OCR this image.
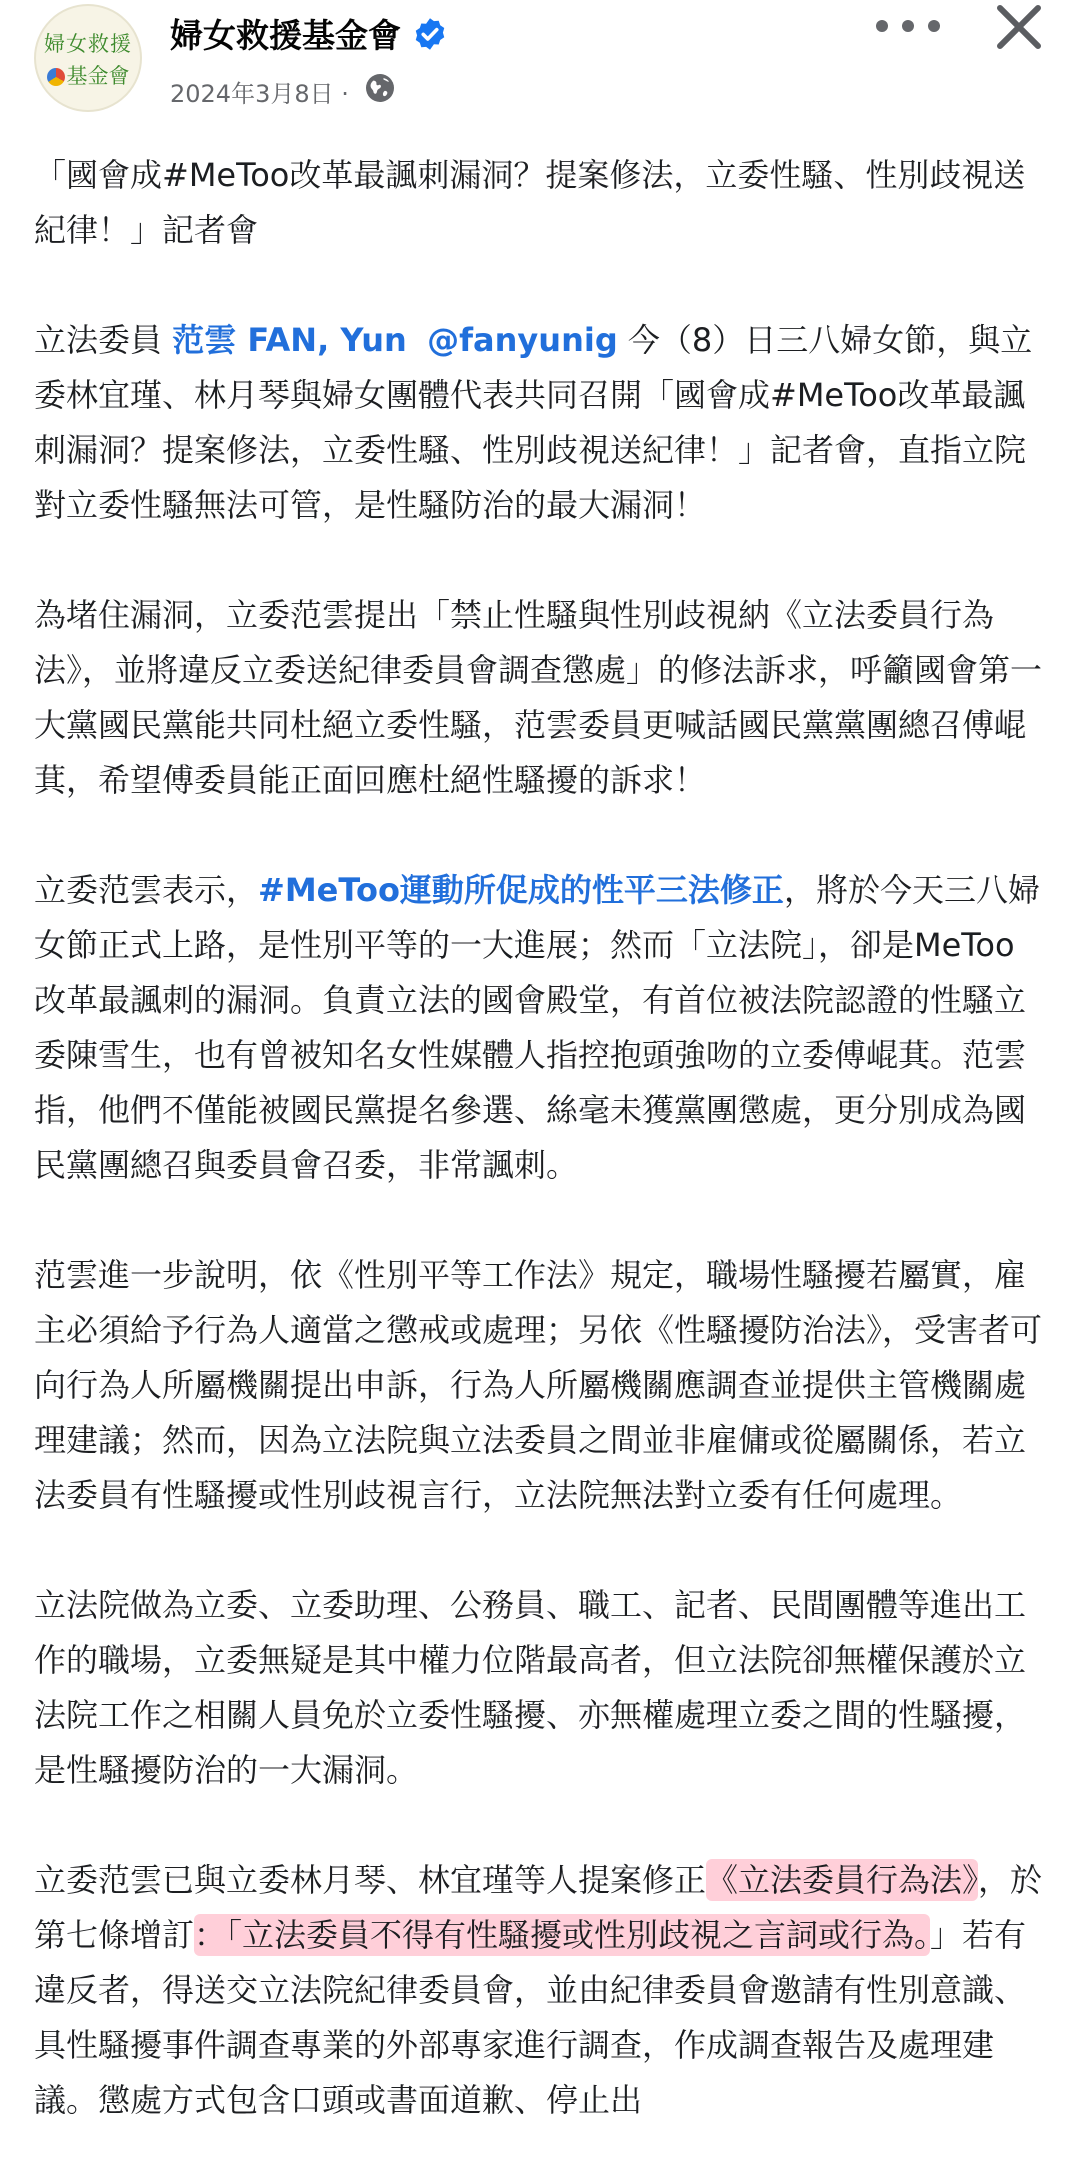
婦女救援
基金會
婦女救援基金會
2024年3月8日 ·

「國會成#MeToo改革最諷刺漏洞？提案修法，立委性騷、性別歧視送紀律！」記者會

立法委員 范雲 FAN, Yun @fanyunig 今（8）日三八婦女節，與立委林宜瑾、林月琴與婦女團體代表共同召開「國會成#MeToo改革最諷刺漏洞？提案修法，立委性騷、性別歧視送紀律！」記者會，直指立院對立委性騷無法可管，是性騷防治的最大漏洞！

為堵住漏洞，立委范雲提出「禁止性騷與性別歧視納《立法委員行為法》，並將違反立委送紀律委員會調查懲處」的修法訴求，呼籲國會第一大黨國民黨能共同杜絕立委性騷，范雲委員更喊話國民黨黨團總召傅崐萁，希望傅委員能正面回應杜絕性騷擾的訴求！

立委范雲表示，#MeToo運動所促成的性平三法修正，將於今天三八婦女節正式上路，是性別平等的一大進展；然而「立法院」，卻是MeToo改革最諷刺的漏洞。負責立法的國會殿堂，有首位被法院認證的性騷立委陳雪生，也有曾被知名女性媒體人指控抱頭強吻的立委傅崐萁。范雲指，他們不僅能被國民黨提名參選、絲毫未獲黨團懲處，更分別成為國民黨團總召與委員會召委，非常諷刺。

范雲進一步說明，依《性別平等工作法》規定，職場性騷擾若屬實，雇主必須給予行為人適當之懲戒或處理；另依《性騷擾防治法》，受害者可向行為人所屬機關提出申訴，行為人所屬機關應調查並提供主管機關處理建議；然而，因為立法院與立法委員之間並非雇傭或從屬關係，若立法委員有性騷擾或性別歧視言行，立法院無法對立委有任何處理。

立法院做為立委、立委助理、公務員、職工、記者、民間團體等進出工作的職場，立委無疑是其中權力位階最高者，但立法院卻無權保護於立法院工作之相關人員免於立委性騷擾、亦無權處理立委之間的性騷擾，是性騷擾防治的一大漏洞。

立委范雲已與立委林月琴、林宜瑾等人提案修正《立法委員行為法》，於第七條增訂：「立法委員不得有性騷擾或性別歧視之言詞或行為。」若有違反者，得送交立法院紀律委員會，並由紀律委員會邀請有性別意識、具性騷擾事件調查專業的外部專家進行調查，作成調查報告及處理建議。懲處方式包含口頭或書面道歉、停止出
